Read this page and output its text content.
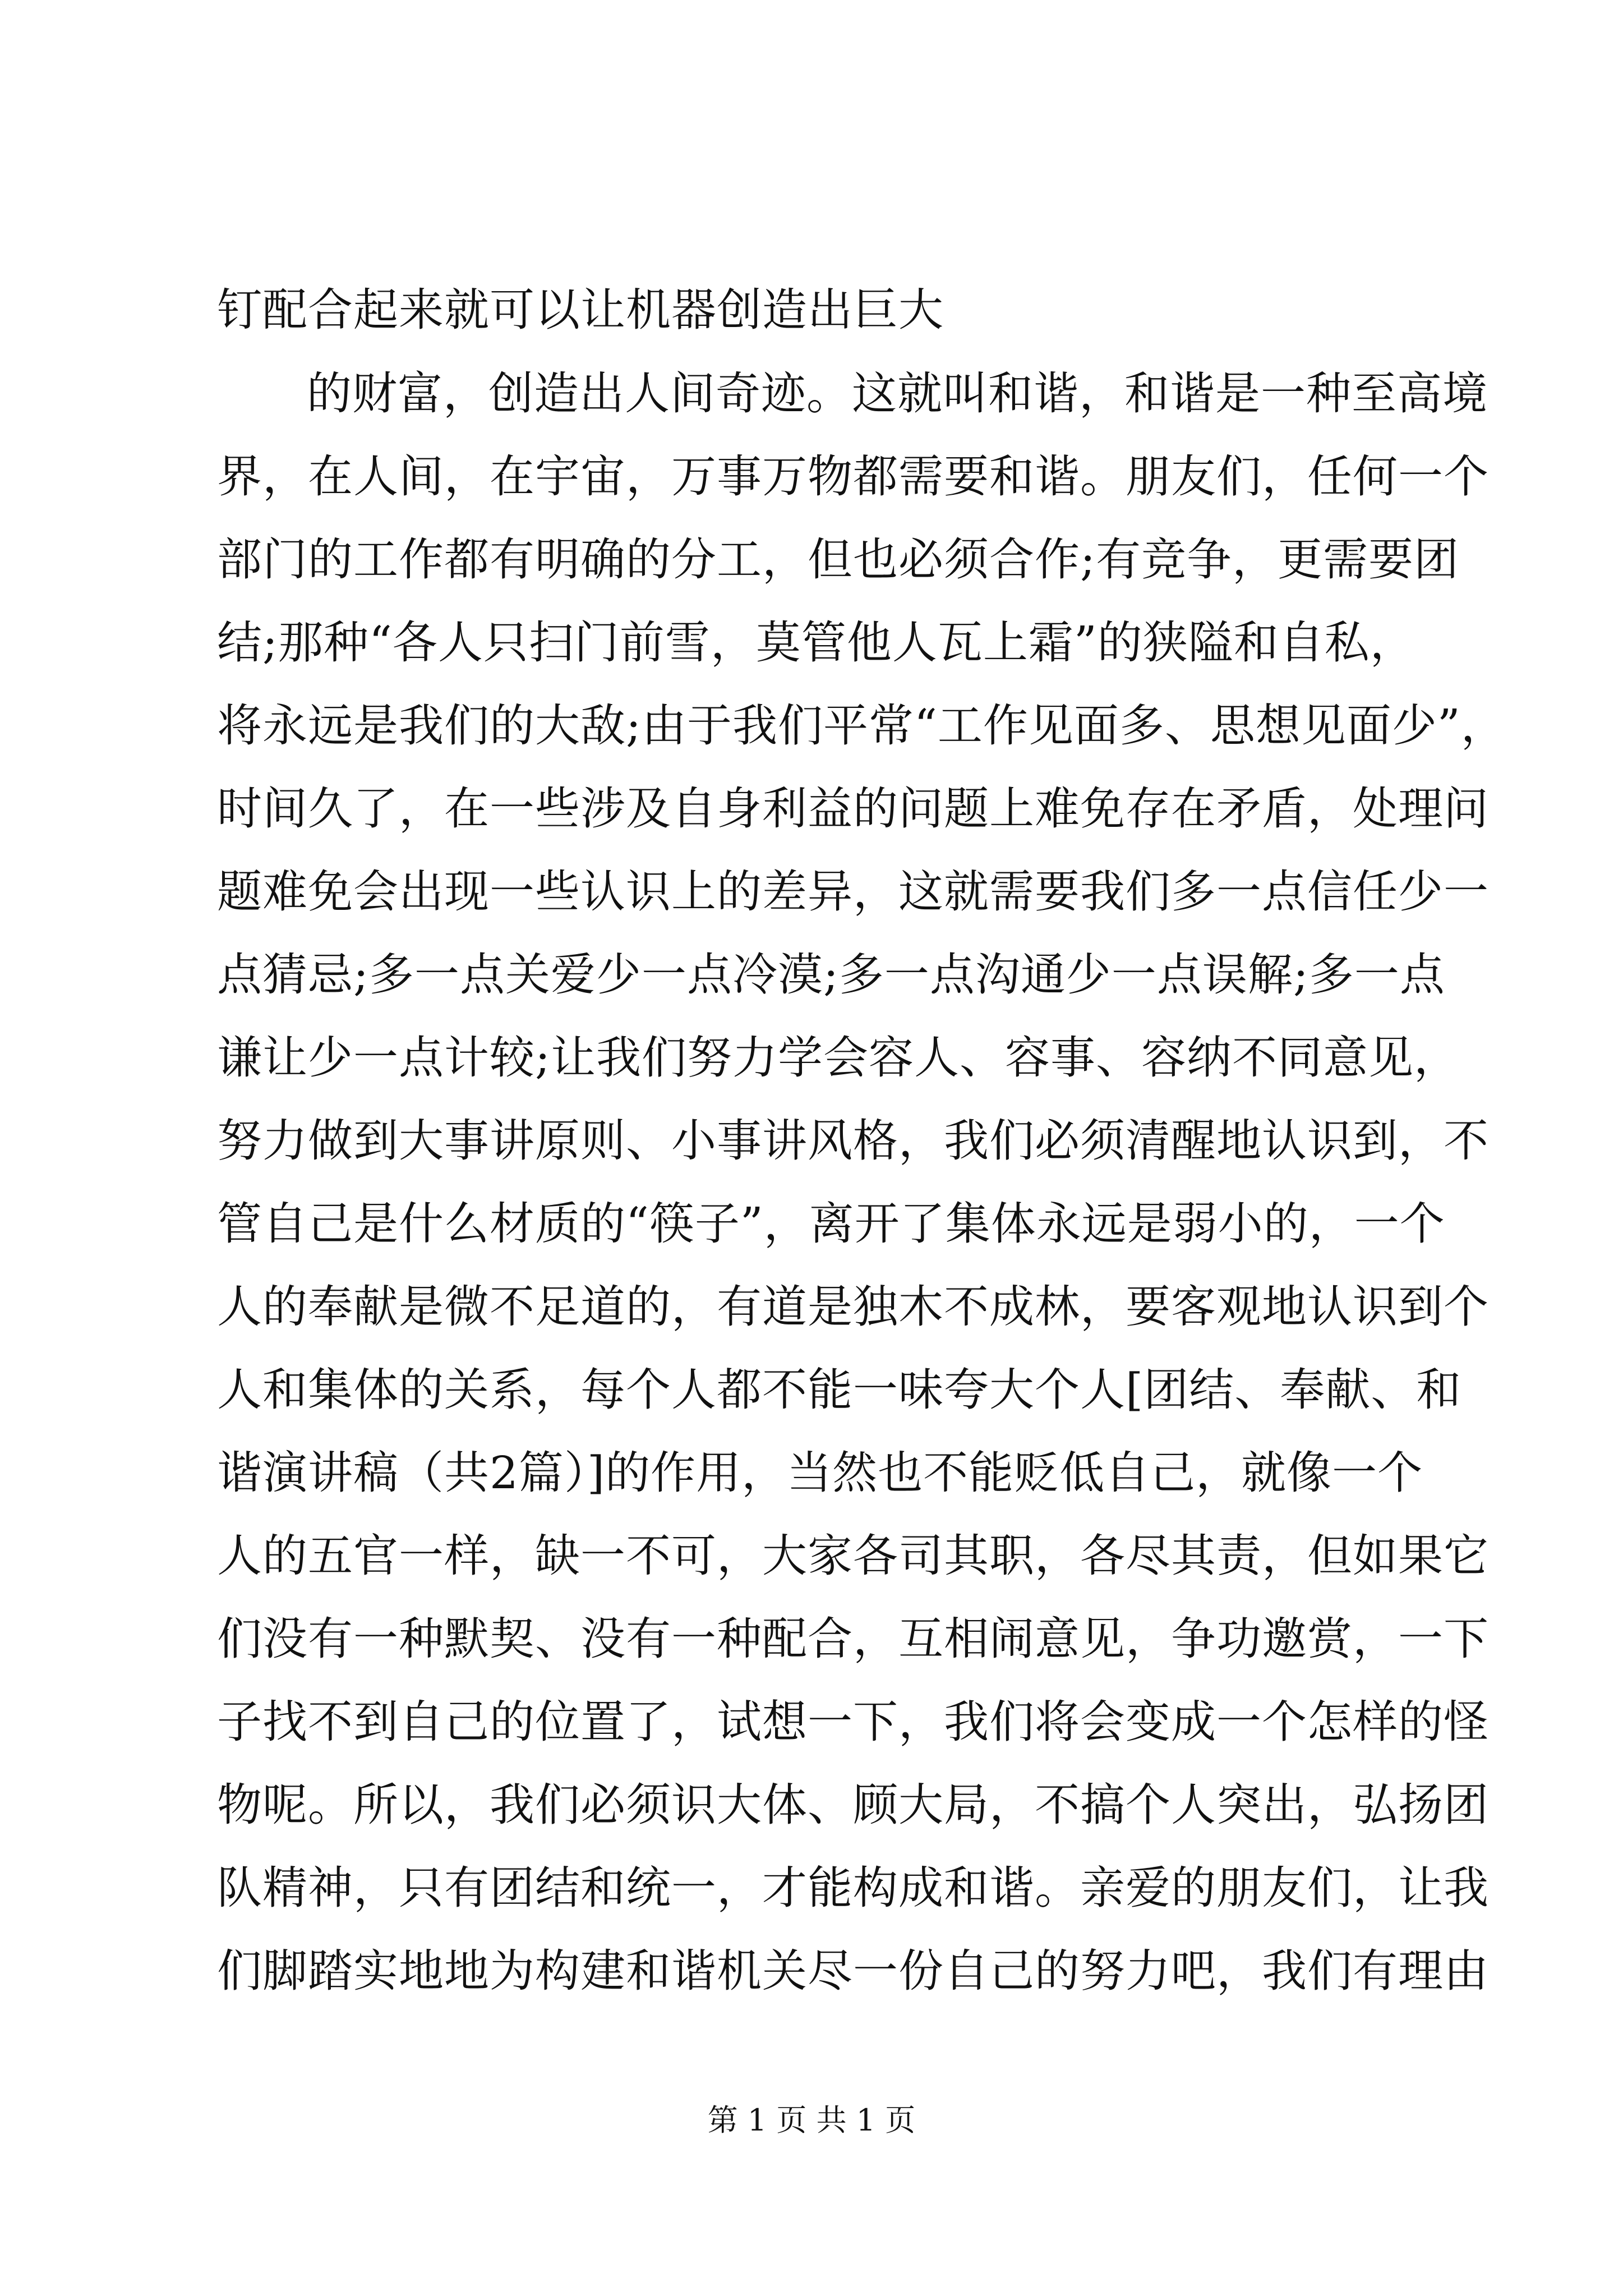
钉配合起来就可以让机器创造出巨大
的财富，创造出人间奇迹。这就叫和谐，和谐是一种至高境
界，在人间，在宇宙，万事万物都需要和谐。朋友们，任何一个
部门的工作都有明确的分工，但也必须合作;有竞争，更需要团
结;那种“各人只扫门前雪，莫管他人瓦上霜”的狭隘和自私，
将永远是我们的大敌;由于我们平常“工作见面多、思想见面少”，
时间久了，在一些涉及自身利益的问题上难免存在矛盾，处理问
题难免会出现一些认识上的差异，这就需要我们多一点信任少一
点猜忌;多一点关爱少一点冷漠;多一点沟通少一点误解;多一点
谦让少一点计较;让我们努力学会容人、容事、容纳不同意见，
努力做到大事讲原则、小事讲风格，我们必须清醒地认识到，不
管自己是什么材质的“筷子”，离开了集体永远是弱小的，一个
人的奉献是微不足道的，有道是独木不成林，要客观地认识到个
人和集体的关系，每个人都不能一味夸大个人[团结、奉献、和
谐演讲稿（共2篇）]的作用，当然也不能贬低自己，就像一个
人的五官一样，缺一不可，大家各司其职，各尽其责，但如果它
们没有一种默契、没有一种配合，互相闹意见，争功邀赏，一下
子找不到自己的位置了，试想一下，我们将会变成一个怎样的怪
物呢。所以，我们必须识大体、顾大局，不搞个人突出，弘扬团
队精神，只有团结和统一，才能构成和谐。亲爱的朋友们，让我
们脚踏实地地为构建和谐机关尽一份自己的努力吧，我们有理由
第 1 页 共 1 页
